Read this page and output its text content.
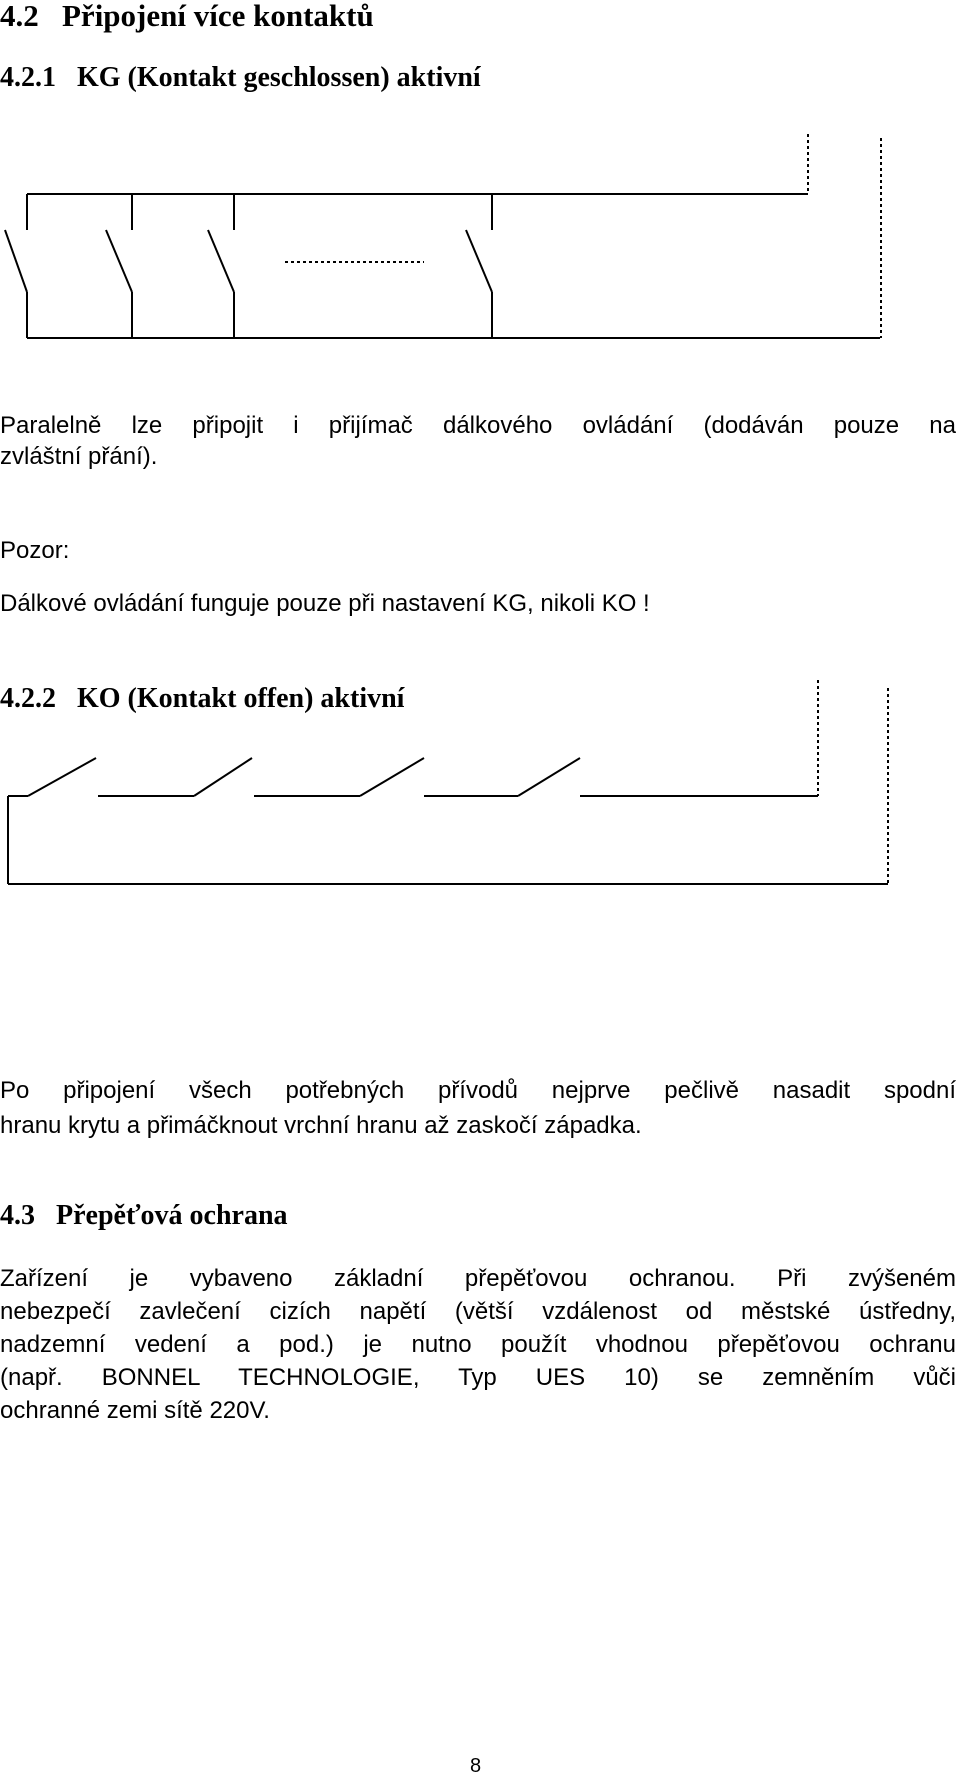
4.2 Připojení více kontaktů
4.2.1 KG (Kontakt geschlossen) aktivní
Paralelně lze připojit i přijímač dálkového ovládání (dodáván pouze na
zvláštní přání).
Pozor:
Dálkové ovládání funguje pouze při nastavení KG, nikoli KO !
4.2.2 KO (Kontakt offen) aktivní
Po připojení všech potřebných přívodů nejprve pečlivě nasadit spodní
hranu krytu a přimáčknout vrchní hranu až zaskočí západka.
4.3 Přepěťová ochrana
Zařízení je vybaveno základní přepěťovou ochranou. Při zvýšeném
nebezpečí zavlečení cizích napětí (větší vzdálenost od městské ústředny,
nadzemní vedení a pod.) je nutno použít vhodnou přepěťovou ochranu
(např. BONNEL TECHNOLOGIE, Typ UES 10) se zemněním vůči
ochranné zemi sítě 220V.
8
